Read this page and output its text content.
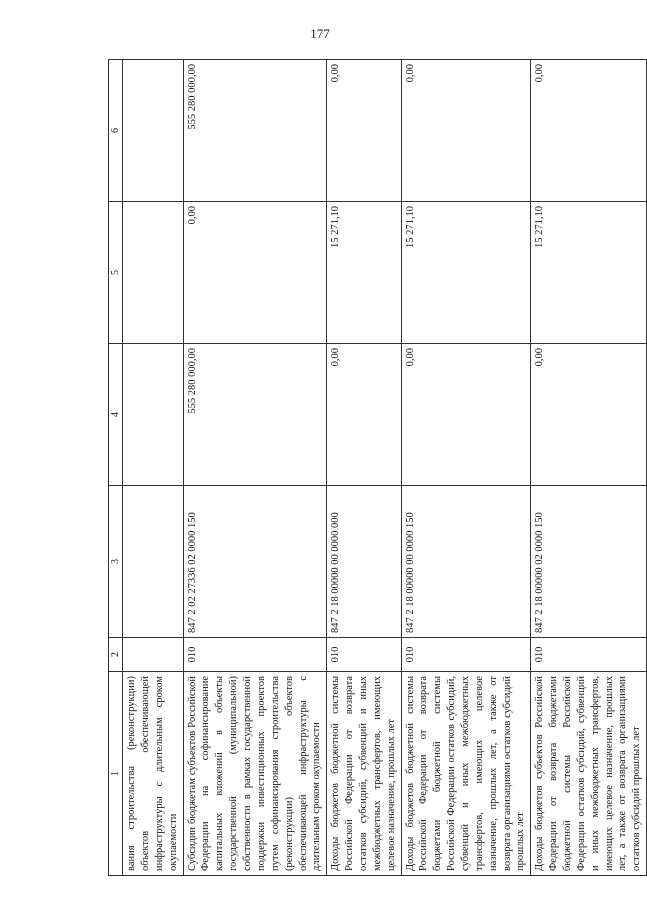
177
1	2	3	4	5	6
вания строительства (реконструкции) объектов обеспечивающей инфраструктуры с длительным сроком окупаемости					
Субсидии бюджетам субъектов Российской Федерации на софинансирование капитальных вложений в объекты государственной (муниципальной) собственности в рамках государственной поддержки инвестиционных проектов путем софинансирования строительства (реконструкции) объектов обеспечивающей инфраструктуры с длительным сроком окупаемости	010	847 2 02 27336 02 0000 150	555 280 000,00	0,00	555 280 000,00
Доходы бюджетов бюджетной системы Российской Федерации от возврата остатков субсидий, субвенций и иных межбюджетных трансфертов, имеющих целевое назначение, прошлых лет	010	847 2 18 00000 00 0000 000	0,00	15 271,10	0,00
Доходы бюджетов бюджетной системы Российской Федерации от возврата бюджетами бюджетной системы Российской Федерации остатков субсидий, субвенций и иных межбюджетных трансфертов, имеющих целевое назначение, прошлых лет, а также от возврата организациями остатков субсидий прошлых лет	010	847 2 18 00000 00 0000 150	0,00	15 271,10	0,00
Доходы бюджетов субъектов Российской Федерации от возврата бюджетами бюджетной системы Российской Федерации остатков субсидий, субвенций и иных межбюджетных трансфертов, имеющих целевое назначение, прошлых лет, а также от возврата организациями остатков субсидий прошлых лет	010	847 2 18 00000 02 0000 150	0,00	15 271,10	0,00
